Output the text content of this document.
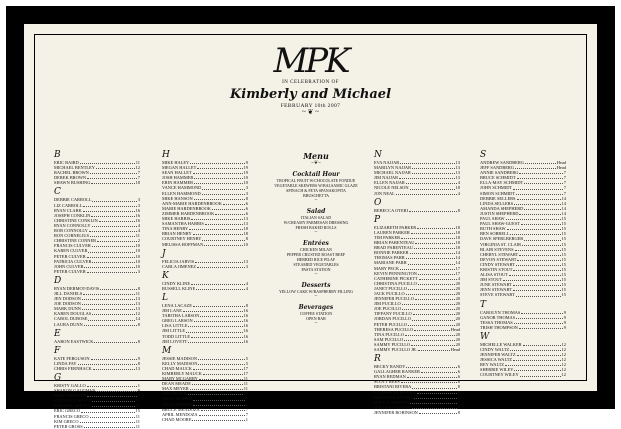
MPK
IN CELEBRATION OF
Kimberly and Michael
FEBRUARY 10th 2007
~ ❦ ~
B
ERIC BAIRD	11
MICHAEL BENTLEY	12
RACHEL BROWN	7
DEREK BROWN	7
SHAWN BUSHING	18
C
DEBBIE CARROLL	3
LIZ CARROLL	3
RYAN CLARK	16
JOSEPH CONKLIN	16
CHRISTINE CONKLIN	16
RYAN CONNOLLY	4
ROB CONNOLLY	4
RON CORNELIUS	11
CHRISTINE CONNER	2
FRANCIS CULVER	10
KAREN CULVER	10
PETER CULVER	10
PATRICIA CULVER	10
JOHN CULVER	10
PETER CULVER	3
D
RYAN DERMOT-DAVIS	8
JILL DANIELS	11
JEN DODSON	13
JOE DODSON	13
MARK DUNN	13
KAREN DOUGLAS	12
CAROL DUBOSE	14
LAURA DUNN	8
E
AARON EASTWICK	8
F
KATE FERGUSON	9
LINDA FAY	8
CHRIS FERNHACK	13
G
KRISTY GALLO	1
SHARON GAUGHAN	9
MIKE GRIFFITH	9
JORDAN GORDON	15
MELISSA GRIFFIN	15
ERIC GRECO	15
FRANCIS GRECO	11
KIM GRECO	11
PETER GROSS	11
H
MIKE HALEY	9
MEGAN HALLET	19
SEAN HALLET	19
JOSH HAMMER	10
ERIN HAMMER	10
VANCE HAMMOND	3
ELLEN HAMMOND	3
MIKE HANSON	8
ANN-MARIE HARDENBROOK	6
MARIE HARDENBROOK	6
ZIMMER HARDENBROOK	6
MIKE HARRIS	13
SAMANTHA HARRIS	13
TINA HENRY	18
BRIAN HENRY	18
COURTNEY HENRY	8
MELISSA HOFFMAN	10
J
FELICIA JARVIS	13
CARLA JIMENEZ	3
K
CINDY KLINE	4
RUSSELL KLINE	4
L
LENA LACAZE	8
JIM LANE	16
TABITHA LARSON	16
GREG LARSON	16
LISA LITTLE	16
JIM LITTLE	16
TODD LITTLE	16
JIM LOVETT	16
M
JESSIE MADISON	5
KELLY MADISON	5
CHAD MAUCK	17
KIMBERLY MAUCK	17
MARY MCGARRY	11
DEAN MEADE	11
MAX MEYER	11
TIM MEYER	11
CHAD MORRIS	1
VICKI MORRIS	1
BRUCE MENDOZA	7
APRIL MENDOZA	7
CHAD MOORE	1
Menu
~❦~
Cocktail Hour
TROPICAL FRUIT W/CHOCOLATE FONDUE
VEGETABLE SKEWERS W/BALSAMIC GLAZE
SPINACH & FETA SPANAKOPITA
BRUSCHETTA
~
Salad
ITALIAN SALAD
W/CREAMY PARMESAN DRESSING
FRESH BAKED ROLLS
~
Entrées
CHICKEN MILAN
PEPPER CRUSTED ROAST BEEF
HERBED RICE PILAF
STEAMED VEGETABLES
PASTA STATION
~
Desserts
YELLOW CAKE W/RASPBERRY FILLING
~
Beverages
COFFEE STATION
OPEN BAR
~
N
EVA NAJJAR	13
MARILYN NAJJAR	13
MICHAEL NAJJAR	13
JIM NAJJAR	13
ELLEN NAJJAR	4
NICOLE NELSON	18
JON NEAL	4
O
REBECCA OTERI	8
P
ELIZABETH PARKER	18
LAUREN PARKER	18
TIM PARKER	18
BRIAN PARENTEAU	18
BRAD PARENTEAU	18
BONNIE PARKER	14
THOMAS PARR	14
MARIANE PARR	14
MARY PECK	17
KEVIN PENNINGTON	17
CATHERINE PICKETT	4
CHRISTINA PUCILLO	20
JANET PUCILLO	20
JACK PUCILLO	20
JENNIFER PUCILLO	20
JIM PUCILLO	20
JOE PUCILLO	20
TIFFANY PUCILLO	20
JORDAN PUCILLO	20
PETER PUCILLO	20
THERESA PUCILLO	Head
TINA PUCILLO	20
SAM PUCILLO	20
SAMMY PUCILLO	20
SAMMY PUCILLO JR.	Head
R
BECKY RANDY	6
GALLAGHER RANKER	6
RYAN REDMAN	6
SCOTT REES	6
BRISTANI RIVERA	8
CATHERINE RIVERA	8
BRANDON RIVERA	8
DAVE ROBINSON	8
DAVID ROBINSON	8
JENNIFER ROBINSON	8
S
ANDREW SANDBERG	Head
JEFF SANDBERG	Head
ANNIE SANDBERG	7
BRUCE SCHMIDT	7
ELLA-MAY SCHMIDT	7
JOHN SCHMIDT	7
SIMON SCHMIDT	7
DEBBIE SELLERS	14
LINDA SELLERS	14
AMANDA SHEPHERD	14
JUSTIN SHEPHERD	14
PAUL SHAW	15
PAUL SHAW-GUEST	15
RUTH SHAW	15
BEN SORRELL	15
DAVE SPERLBERGER	15
VIRGINIA ST. CLAIR	15
BLAIR STEVENS	15
CHERYL STEWART	15
DEVON STEWART	15
CINDY STEWART	15
KRISTIN STOUT	15
ALISA STOUT	15
JIM STOUT	15
JUNE STEWART	15
JENN STEWART	15
STEVE STEWART	15
T
CAROLYN THOMAS	9
GANOR THOMAS	9
TESSA THOMAS	9
TRISH THOMPSON	9
W
MICHELLE WALKER	12
CINDY WALTZ	12
JENNIFER WALTZ	12
JESSICA WALTZ	12
REY WALTZ	12
SHERRIE WILEY	12
COURTNEY WILEY	12
